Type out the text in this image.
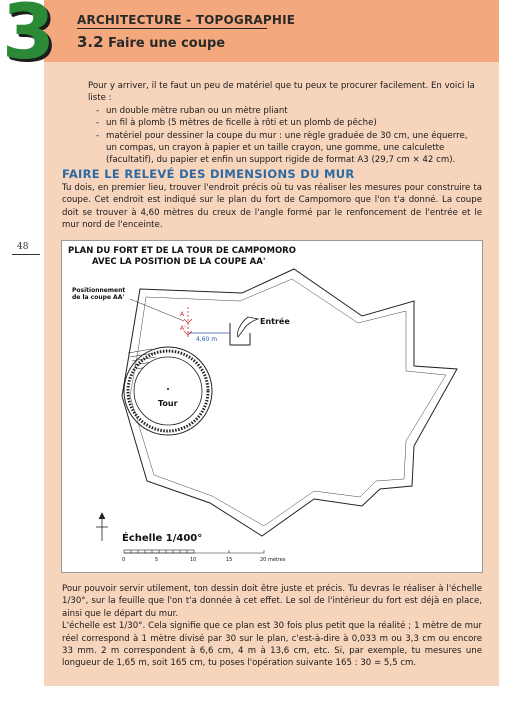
3 ARCHITECTURE - TOPOGRAPHIE
3.2 Faire une coupe
48
Pour y arriver, il te faut un peu de matériel que tu peux te procurer facilement. En voici la liste :
- un double mètre ruban ou un mètre pliant
- un fil à plomb (5 mètres de ficelle à rôti et un plomb de pêche)
- matériel pour dessiner la coupe du mur : une règle graduée de 30 cm, une équerre, un compas, un crayon à papier et un taille crayon, une gomme, une calculette (facultatif), du papier et enfin un support rigide de format A3 (29,7 cm × 42 cm).
FAIRE LE RELEVÉ DES DIMENSIONS DU MUR
Tu dois, en premier lieu, trouver l'endroit précis où tu vas réaliser les mesures pour construire ta coupe. Cet endroit est indiqué sur le plan du fort de Campomoro que l'on t'a donné. La coupe doit se trouver à 4,60 mètres du creux de l'angle formé par le renfoncement de l'entrée et le mur nord de l'enceinte.
PLAN DU FORT ET DE LA TOUR DE CAMPOMORO
AVEC LA POSITION DE LA COUPE AA'
Positionnement
de la coupe AA'
A
A'
4,60 m
Entrée
Tour
Échelle 1/400°
0	5	10	15	20 mètres

Pour pouvoir servir utilement, ton dessin doit être juste et précis. Tu devras le réaliser à l'échelle 1/30°, sur la feuille que l'on t'a donnée à cet effet. Le sol de l'intérieur du fort est déjà en place, ainsi que le départ du mur.

L'échelle est 1/30°. Cela signifie que ce plan est 30 fois plus petit que la réalité ; 1 mètre de mur réel correspond à 1 mètre divisé par 30 sur le plan, c'est-à-dire à 0,033 m ou 3,3 cm ou encore 33 mm. 2 m correspondent à 6,6 cm, 4 m à 13,6 cm, etc. Si, par exemple, tu mesures une longueur de 1,65 m, soit 165 cm, tu poses l'opération suivante 165 : 30 = 5,5 cm.
